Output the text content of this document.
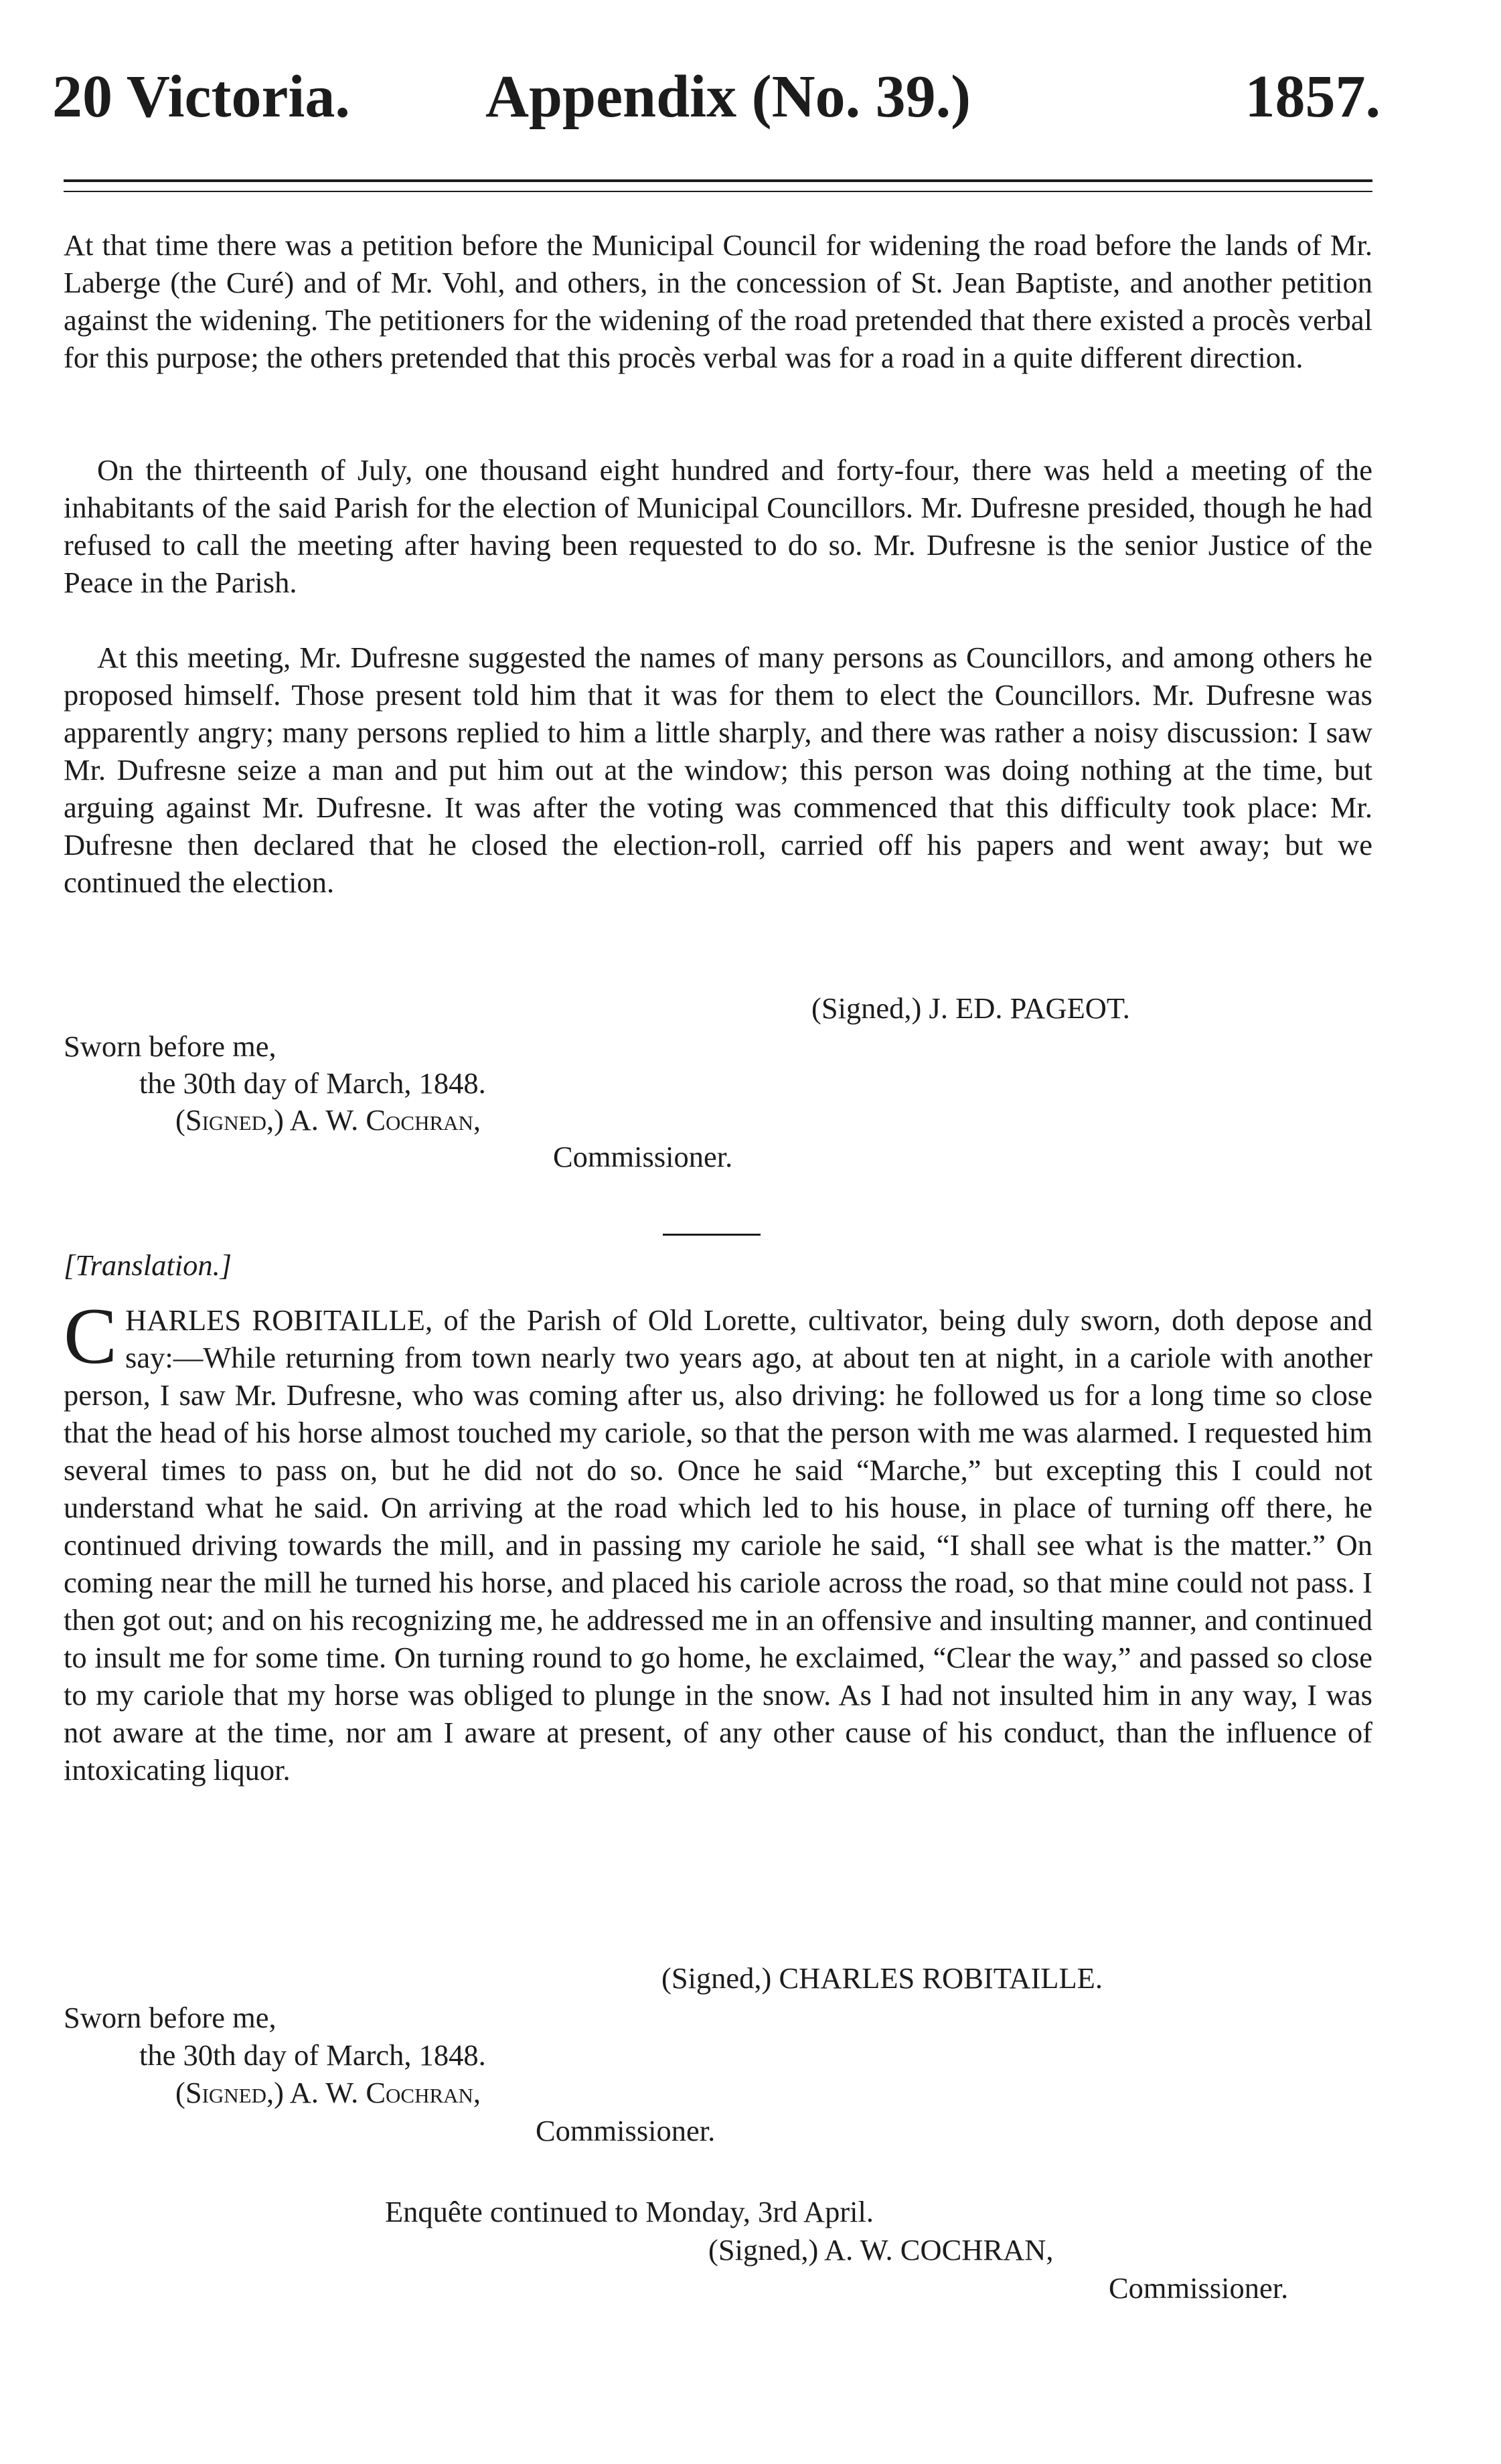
20 Victoria. Appendix (No. 39.)	1857.

At that time there was a petition before the Municipal Council for widening the road before the lands of Mr. Laberge (the Curé) and of Mr. Vohl, and others, in the concession of St. Jean Baptiste, and another petition against the widening. The petitioners for the widening of the road pretended that there existed a procès verbal for this purpose; the others pretended that this procès verbal was for a road in a quite different direction.

On the thirteenth of July, one thousand eight hundred and forty-four, there was held a meeting of the inhabitants of the said Parish for the election of Municipal Councillors. Mr. Dufresne presided, though he had refused to call the meeting after having been requested to do so. Mr. Dufresne is the senior Justice of the Peace in the Parish.

At this meeting, Mr. Dufresne suggested the names of many persons as Councillors, and among others he proposed himself. Those present told him that it was for them to elect the Councillors. Mr. Dufresne was apparently angry; many persons replied to him a little sharply, and there was rather a noisy discussion: I saw Mr. Dufresne seize a man and put him out at the window; this person was doing nothing at the time, but arguing against Mr. Dufresne. It was after the voting was commenced that this difficulty took place: Mr. Dufresne then declared that he closed the election-roll, carried off his papers and went away; but we continued the election.

(Signed,) J. ED. PAGEOT.
Sworn before me,
the 30th day of March, 1848.
(Signed,) A. W. Cochran,
Commissioner.
[Translation.]
C HARLES ROBITAILLE, of the Parish of Old Lorette, cultivator, being duly sworn, doth depose and say:—While returning from town nearly two years ago, at about ten at night, in a cariole with another person, I saw Mr. Dufresne, who was coming after us, also driving: he followed us for a long time so close that the head of his horse almost touched my cariole, so that the person with me was alarmed. I requested him several times to pass on, but he did not do so. Once he said “Marche,” but excepting this I could not understand what he said. On arriving at the road which led to his house, in place of turning off there, he continued driving towards the mill, and in passing my cariole he said, “I shall see what is the matter.” On coming near the mill he turned his horse, and placed his cariole across the road, so that mine could not pass. I then got out; and on his recognizing me, he addressed me in an offensive and insulting manner, and continued to insult me for some time. On turning round to go home, he exclaimed, “Clear the way,” and passed so close to my cariole that my horse was obliged to plunge in the snow. As I had not insulted him in any way, I was not aware at the time, nor am I aware at present, of any other cause of his conduct, than the influence of intoxicating liquor.

(Signed,) CHARLES ROBITAILLE.
Sworn before me,
the 30th day of March, 1848.
(Signed,) A. W. Cochran,
Commissioner.
Enquête continued to Monday, 3rd April.
(Signed,) A. W. COCHRAN,
Commissioner.
